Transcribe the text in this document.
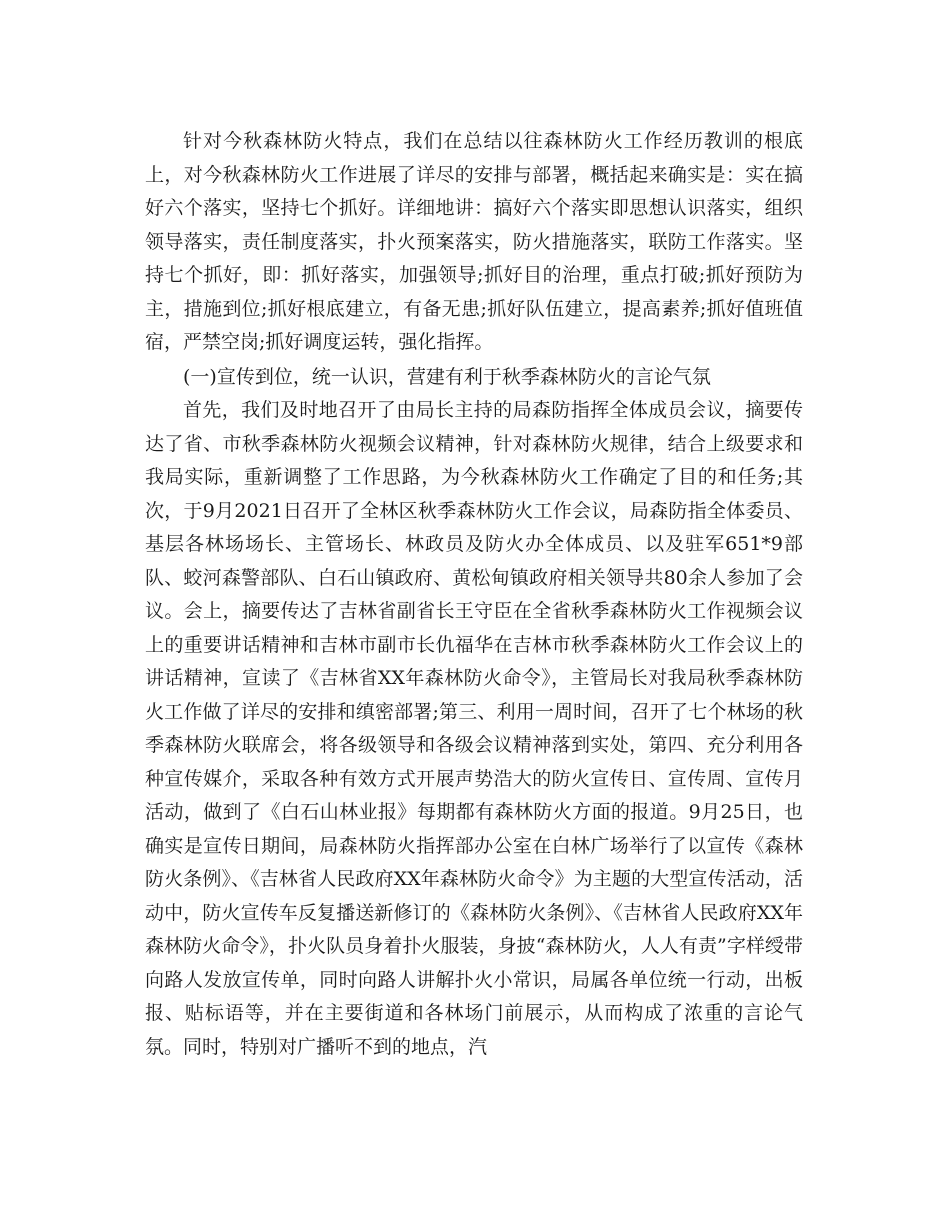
针对今秋森林防火特点，我们在总结以往森林防火工作经历教训的根底上，对今秋森林防火工作进展了详尽的安排与部署，概括起来确实是：实在搞好六个落实，坚持七个抓好。详细地讲：搞好六个落实即思想认识落实，组织领导落实，责任制度落实，扑火预案落实，防火措施落实，联防工作落实。坚持七个抓好，即：抓好落实，加强领导;抓好目的治理，重点打破;抓好预防为主，措施到位;抓好根底建立，有备无患;抓好队伍建立，提高素养;抓好值班值宿，严禁空岗;抓好调度运转，强化指挥。

(一)宣传到位，统一认识，营建有利于秋季森林防火的言论气氛

首先，我们及时地召开了由局长主持的局森防指挥全体成员会议，摘要传达了省、市秋季森林防火视频会议精神，针对森林防火规律，结合上级要求和我局实际，重新调整了工作思路，为今秋森林防火工作确定了目的和任务;其次，于9月2021日召开了全林区秋季森林防火工作会议，局森防指全体委员、基层各林场场长、主管场长、林政员及防火办全体成员、以及驻军651*9部队、蛟河森警部队、白石山镇政府、黄松甸镇政府相关领导共80余人参加了会议。会上，摘要传达了吉林省副省长王守臣在全省秋季森林防火工作视频会议上的重要讲话精神和吉林市副市长仇福华在吉林市秋季森林防火工作会议上的讲话精神，宣读了《吉林省XX年森林防火命令》，主管局长对我局秋季森林防火工作做了详尽的安排和缜密部署;第三、利用一周时间，召开了七个林场的秋季森林防火联席会，将各级领导和各级会议精神落到实处，第四、充分利用各种宣传媒介，采取各种有效方式开展声势浩大的防火宣传日、宣传周、宣传月活动，做到了《白石山林业报》每期都有森林防火方面的报道。9月25日，也确实是宣传日期间，局森林防火指挥部办公室在白林广场举行了以宣传《森林防火条例》、《吉林省人民政府XX年森林防火命令》为主题的大型宣传活动，活动中，防火宣传车反复播送新修订的《森林防火条例》、《吉林省人民政府XX年森林防火命令》，扑火队员身着扑火服装，身披“森林防火，人人有责”字样绶带向路人发放宣传单，同时向路人讲解扑火小常识，局属各单位统一行动，出板报、贴标语等，并在主要街道和各林场门前展示，从而构成了浓重的言论气氛。同时，特别对广播听不到的地点，汽
